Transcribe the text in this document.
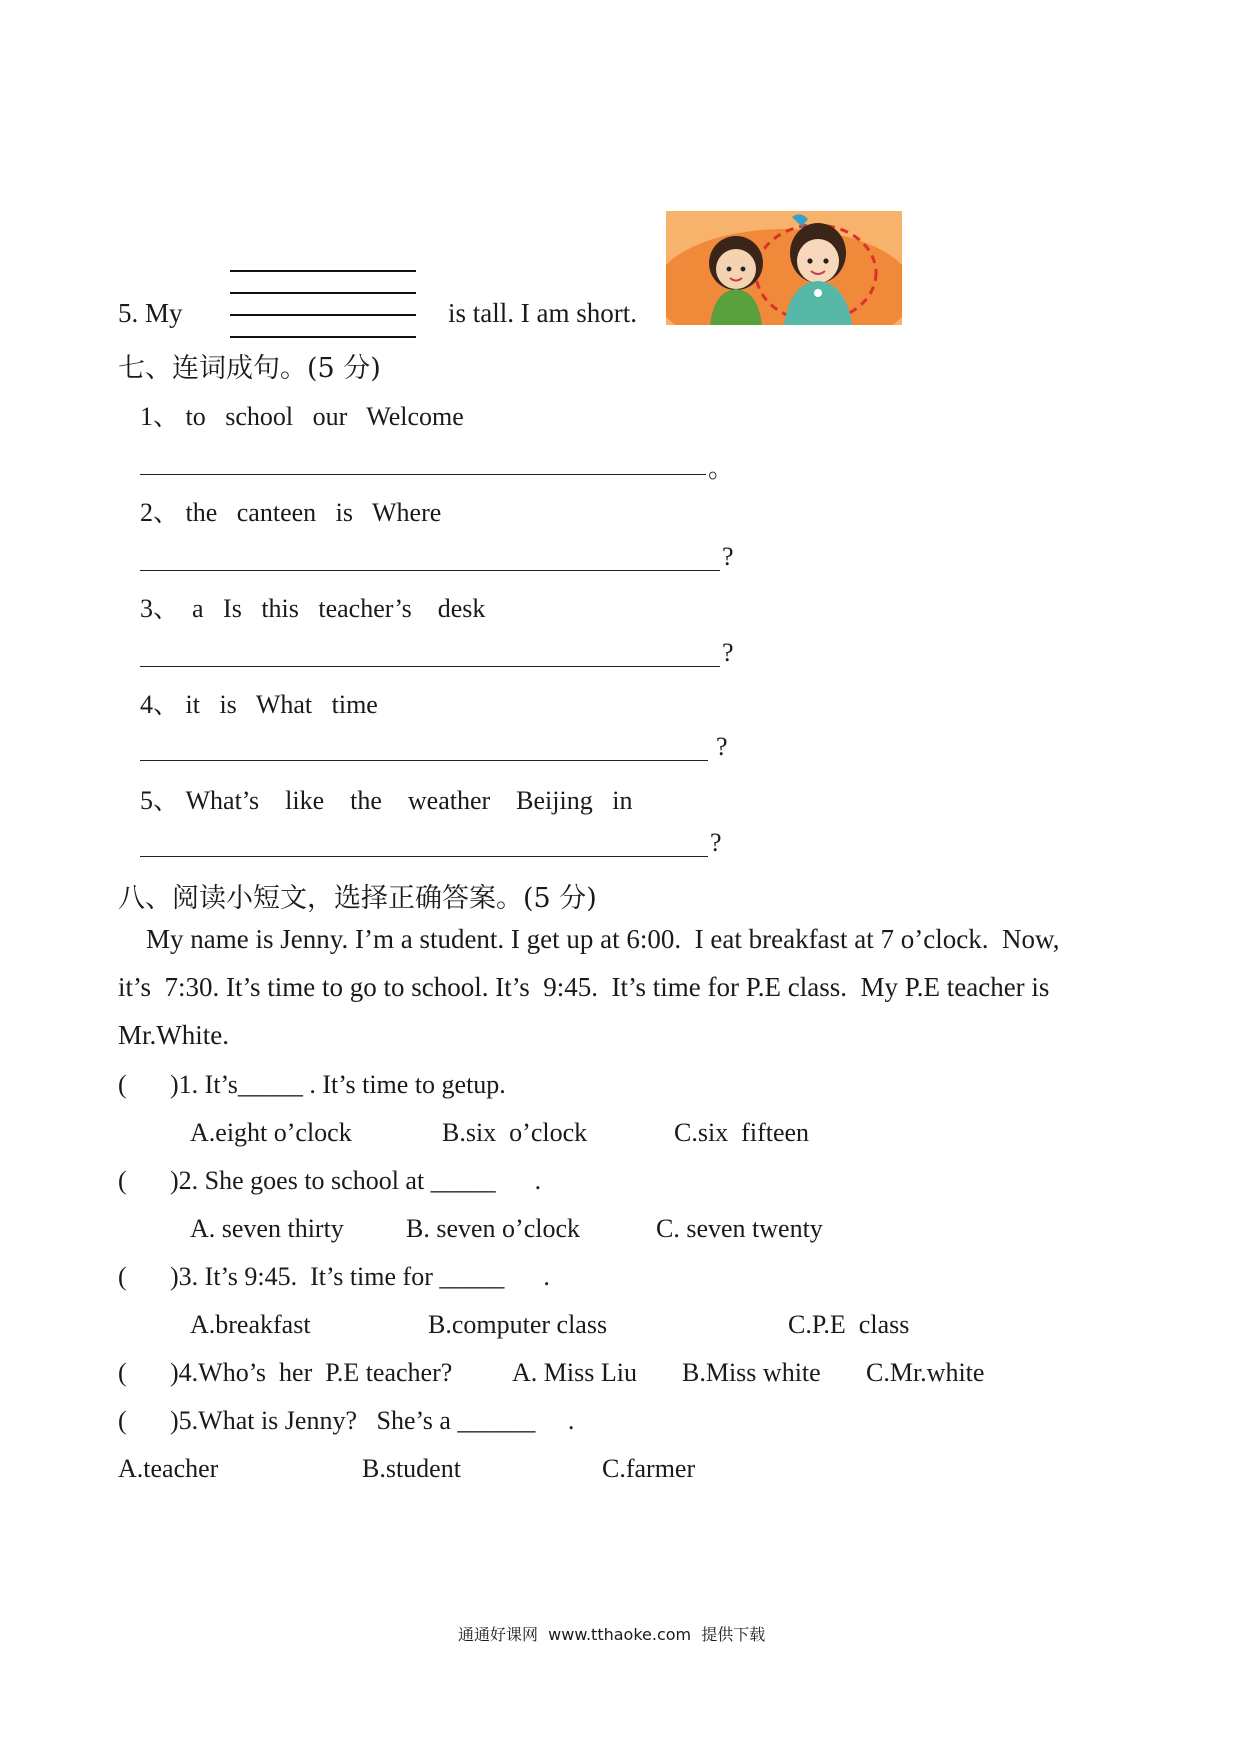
5. My	is tall. I am short.
七、连词成句。(5 分)
1、 to   school   our   Welcome
。
2、 the   canteen   is   Where
?
3、  a   Is   this   teacher’s    desk
?
4、 it   is   What   time
?
5、 What’s    like    the    weather    Beijing   in
?
八、阅读小短文，选择正确答案。(5 分)
My name is Jenny. I’m a student. I get up at 6:00.  I eat breakfast at 7 o’clock.  Now,
it’s  7:30. It’s time to go to school. It’s  9:45.  It’s time for P.E class.  My P.E teacher is
Mr.White.
( )1. It’s_____ . It’s time to getup.
A.eight o’clock	B.six  o’clock	C.six  fifteen
( )2. She goes to school at _____      .
A. seven thirty B. seven o’clock	C. seven twenty
( )3. It’s 9:45.  It’s time for _____      .
A.breakfast	B.computer class	C.P.E  class
( )4.Who’s  her  P.E teacher? A. Miss Liu B.Miss white C.Mr.white
( )5.What is Jenny?   She’s a ______     .
A.teacher	B.student	C.farmer
通通好课网  www.tthaoke.com  提供下载
